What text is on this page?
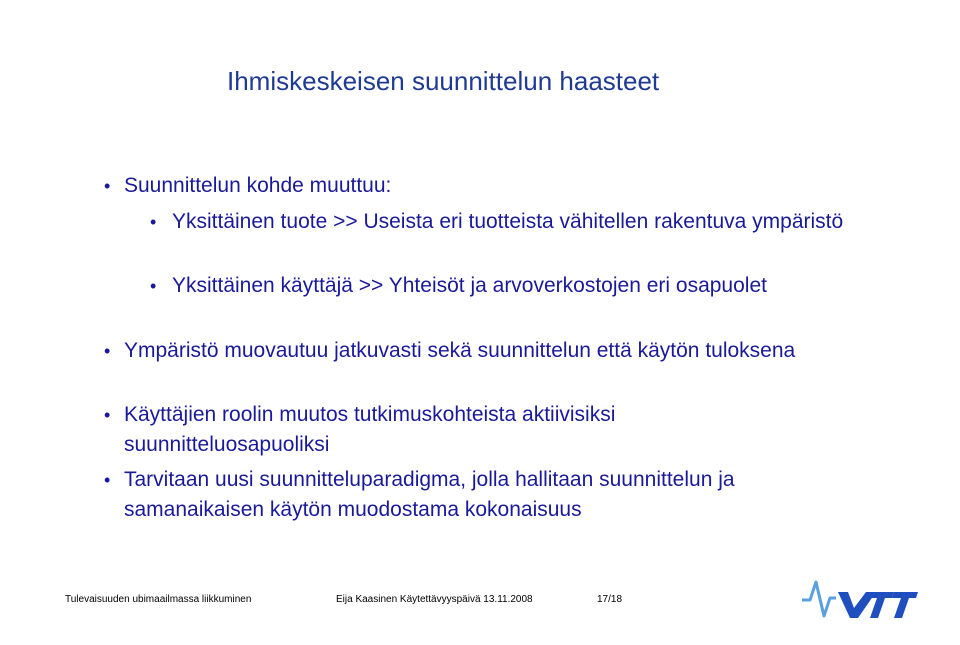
Ihmiskeskeisen suunnittelun haasteet
• Suunnittelun kohde muuttuu:
• Yksittäinen tuote >> Useista eri tuotteista vähitellen rakentuva ympäristö
• Yksittäinen käyttäjä >> Yhteisöt ja arvoverkostojen eri osapuolet
• Ympäristö muovautuu jatkuvasti sekä suunnittelun että käytön tuloksena
• Käyttäjien roolin muutos tutkimuskohteista aktiivisiksi suunnitteluosapuoliksi
• Tarvitaan uusi suunnitteluparadigma, jolla hallitaan suunnittelun ja samanaikaisen käytön muodostama kokonaisuus
Tulevaisuuden ubimaailmassa liikkuminen	Eija Kaasinen Käytettävyyspäivä 13.11.2008	17/18
